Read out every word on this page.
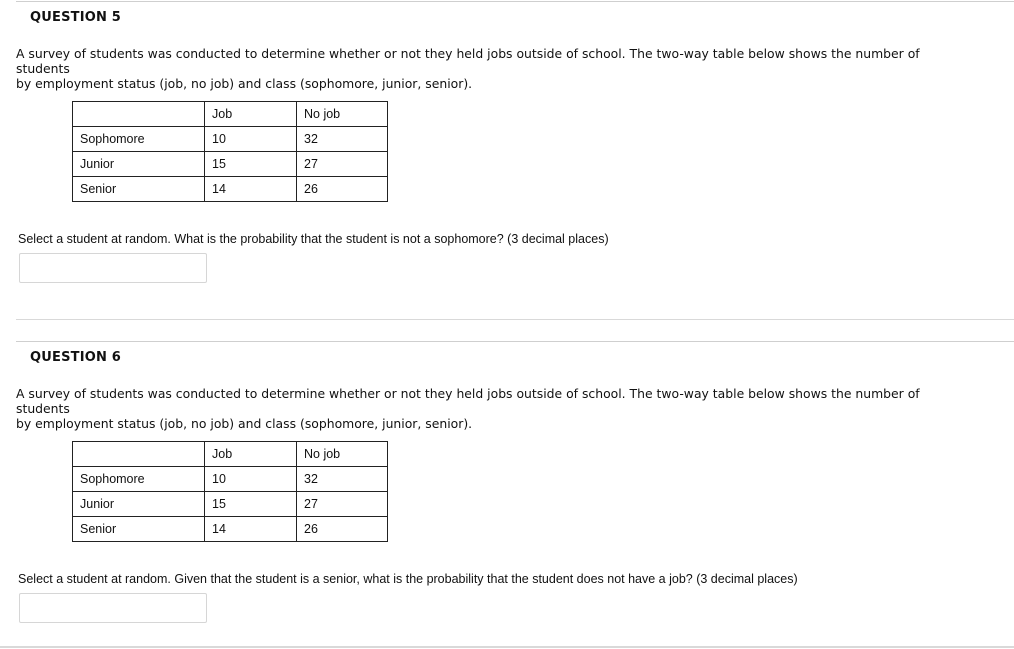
QUESTION 5
A survey of students was conducted to determine whether or not they held jobs outside of school. The two-way table below shows the number of students
by employment status (job, no job) and class (sophomore, junior, senior).
	Job	No job
Sophomore	10	32
Junior	15	27
Senior	14	26
Select a student at random. What is the probability that the student is not a sophomore? (3 decimal places)
QUESTION 6
A survey of students was conducted to determine whether or not they held jobs outside of school. The two-way table below shows the number of students
by employment status (job, no job) and class (sophomore, junior, senior).
	Job	No job
Sophomore	10	32
Junior	15	27
Senior	14	26
Select a student at random. Given that the student is a senior, what is the probability that the student does not have a job? (3 decimal places)
